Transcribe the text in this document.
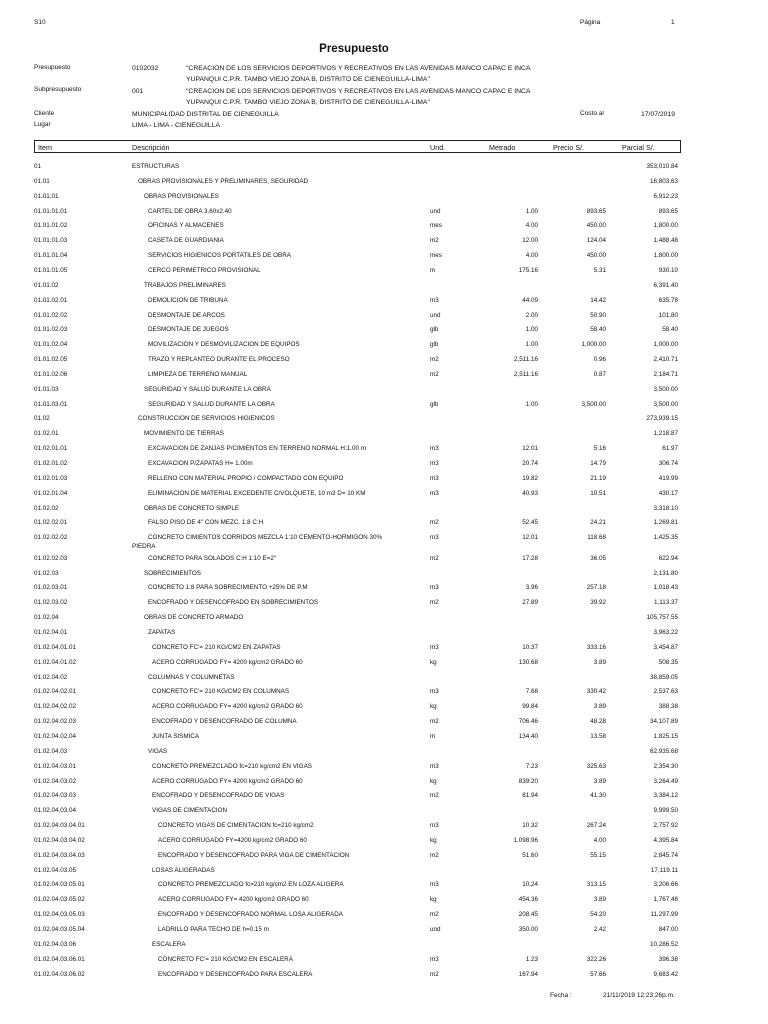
S10	Página	1
Presupuesto
Presupuesto	0102032	"CREACION DE LOS SERVICIOS DEPORTIVOS Y RECREATIVOS EN LAS AVENIDAS MANCO CAPAC E INCA
YUPANQUI C.P.R. TAMBO VIEJO ZONA B, DISTRITO DE CIENEGUILLA-LIMA"
Subpresupuesto	001	"CREACION DE LOS SERVICIOS DEPORTIVOS Y RECREATIVOS EN LAS AVENIDAS MANCO CAPAC E INCA
YUPANQUI C.P.R. TAMBO VIEJO ZONA B, DISTRITO DE CIENEGUILLA-LIMA"
Cliente	MUNICIPALIDAD DISTRITAL DE CIENEGUILLA	Costo al	17/07/2019
Lugar	LIMA - LIMA - CIENEGUILLA
Item	Descripción	Und.	Metrado	Precio S/.	Parcial S/.
01	ESTRUCTURAS	353,010.84
01.01	OBRAS PROVISIONALES Y PRELIMINARES, SEGURIDAD	16,803.63
01.01.01	OBRAS PROVISIONALES	6,912.23
01.01.01.01	CARTEL DE OBRA 3.60x2.40	und	1.00	893.65	893.65
01.01.01.02	OFICINAS Y ALMACENES	mes	4.00	450.00	1,800.00
01.01.01.03	CASETA DE GUARDIANIA	m2	12.00	124.04	1,488.48
01.01.01.04	SERVICIOS HIGIENICOS PORTATILES DE OBRA	mes	4.00	450.00	1,800.00
01.01.01.05	CERCO PERIMETRICO PROVISIONAL	m	175.16	5.31	930.10
01.01.02	TRABAJOS PRELIMINARES	6,391.40
01.01.02.01	DEMOLICION DE TRIBUNA	m3	44.09	14.42	635.78
01.01.02.02	DESMONTAJE DE ARCOS	und	2.00	50.90	101.80
01.01.02.03	DESMONTAJE DE JUEGOS	glb	1.00	58.40	58.40
01.01.02.04	MOVILIZACION Y DESMOVILIZACION DE EQUIPOS	glb	1.00	1,000.00	1,000.00
01.01.02.05	TRAZO Y REPLANTEO DURANTE EL PROCESO	m2	2,511.16	0.96	2,410.71
01.01.02.06	LIMPIEZA DE TERRENO MANUAL	m2	2,511.16	0.87	2,184.71
01.01.03	SEGURIDAD Y SALUD DURANTE LA OBRA	3,500.00
01.01.03.01	SEGURIDAD Y SALUD DURANTE LA OBRA	glb	1.00	3,500.00	3,500.00
01.02	CONSTRUCCION DE SERVICIOS HIGIENICOS	273,939.15
01.02.01	MOVIMIENTO DE TIERRAS	1,218.87
01.02.01.01	EXCAVACION DE ZANJAS P/CIMIENTOS EN TERRENO NORMAL H:1.00 m	m3	12.01	5.16	61.97
01.02.01.02	EXCAVACION P/ZAPATAS H= 1.00m	m3	20.74	14.79	306.74
01.02.01.03	RELLENO CON MATERIAL PROPIO / COMPACTADO CON EQUIPO	m3	19.82	21.19	419.99
01.02.01.04	ELIMINACION DE MATERIAL EXCEDENTE C/VOLQUETE, 10 m3 D= 10 KM	m3	40.93	10.51	430.17
01.02.02	OBRAS DE CONCRETO SIMPLE	3,318.10
01.02.02.01	FALSO PISO DE 4" CON MEZC. 1:8 C:H	m2	52.45	24.21	1,269.81
01.02.02.02	CONCRETO CIMIENTOS CORRIDOS MEZCLA 1:10 CEMENTO-HORMIGON 30%	m3	12.01	118.68	1,425.35
PIEDRA
01.02.02.03	CONCRETO PARA SOLADOS C:H 1:10 E=2"	m2	17.28	36.05	622.94
01.02.03	SOBRECIMIENTOS	2,131.80
01.02.03.01	CONCRETO 1:8 PARA SOBRECIMIENTO +25% DE P.M	m3	3.96	257.18	1,018.43
01.02.03.02	ENCOFRADO Y DESENCOFRADO EN SOBRECIMIENTOS	m2	27.89	39.92	1,113.37
01.02.04	OBRAS DE CONCRETO ARMADO	105,757.55
01.02.04.01	ZAPATAS	3,963.22
01.02.04.01.01	CONCRETO FC'= 210 KG/CM2 EN ZAPATAS	m3	10.37	333.16	3,454.87
01.02.04.01.02	ACERO CORRUGADO FY= 4200 kg/cm2 GRADO 60	kg	130.68	3.89	508.35
01.02.04.02	COLUMNAS Y COLUMNETAS	38,859.05
01.02.04.02.01	CONCRETO FC'= 210 KG/CM2 EN COLUMNAS	m3	7.68	330.42	2,537.63
01.02.04.02.02	ACERO CORRUGADO FY= 4200 kg/cm2 GRADO 60	kg	99.84	3.89	388.38
01.02.04.02.03	ENCOFRADO Y DESENCOFRADO DE COLUMNA	m2	706.46	48.28	34,107.89
01.02.04.02.04	JUNTA SISMICA	m	134.40	13.58	1,825.15
01.02.04.03	VIGAS	62,935.68
01.02.04.03.01	CONCRETO PREMEZCLADO fc=210 kg/cm2 EN VIGAS	m3	7.23	325.63	2,354.30
01.02.04.03.02	ACERO CORRUGADO FY= 4200 kg/cm2 GRADO 60	kg	839.20	3.89	3,264.49
01.02.04.03.03	ENCOFRADO Y DESENCOFRADO DE VIGAS	m2	81.94	41.30	3,384.12
01.02.04.03.04	VIGAS DE CIMENTACION	9,999.50
01.02.04.03.04.01	CONCRETO VIGAS DE CIMENTACION fc=210 kg/cm2	m3	10.32	267.24	2,757.92
01.02.04.03.04.02	ACERO CORRUGADO FY=4200 kg/cm2 GRADO 60	kg	1,098.96	4.00	4,395.84
01.02.04.03.04.03	ENCOFRADO Y DESENCOFRADO PARA VIGA DE CIMENTACION	m2	51.60	55.15	2,845.74
01.02.04.03.05	LOSAS ALIGERADAS	17,119.11
01.02.04.03.05.01	CONCRETO PREMEZCLADO fc=210 kg/cm2 EN LOZA ALIGERA	m3	10.24	313.15	3,206.66
01.02.04.03.05.02	ACERO CORRUGADO FY= 4200 kg/cm2 GRADO 60	kg	454.36	3.89	1,767.46
01.02.04.03.05.03	ENCOFRADO Y DESENCOFRADO NORMAL LOSA ALIGERADA	m2	208.45	54.20	11,297.99
01.02.04.03.05.04	LADRILLO PARA TECHO DE h=0.15 m	und	350.00	2.42	847.00
01.02.04.03.06	ESCALERA	10,286.52
01.02.04.03.06.01	CONCRETO FC'= 210 KG/CM2 EN ESCALERA	m3	1.23	322.26	396.38
01.02.04.03.06.02	ENCOFRADO Y DESENCOFRADO PARA ESCALERA	m2	167.94	57.66	9,683.42
Fecha :	21/11/2019 12:23:26p.m.
